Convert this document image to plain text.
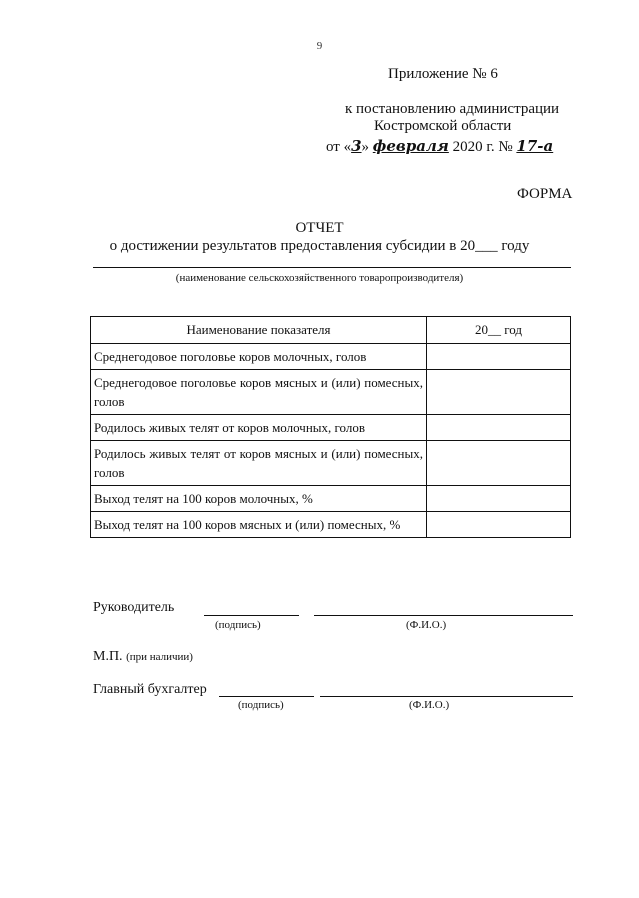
9
Приложение № 6
к постановлению администрации
Костромской области
от «3» февраля 2020 г. № 17-а
ФОРМА
ОТЧЕТ
о достижении результатов предоставления субсидии в 20___ году
(наименование сельскохозяйственного товаропроизводителя)
Наименование показателя	20__ год
Среднегодовое поголовье коров молочных, голов	
Среднегодовое поголовье коров мясных и (или) помесных, голов	
Родилось живых телят от коров молочных, голов	
Родилось живых телят от коров мясных и (или) помесных, голов	
Выход телят на 100 коров молочных, %	
Выход телят на 100 коров мясных и (или) помесных, %	
Руководитель
(подпись)	(Ф.И.О.)
М.П. (при наличии)
Главный бухгалтер
(подпись)	(Ф.И.О.)
